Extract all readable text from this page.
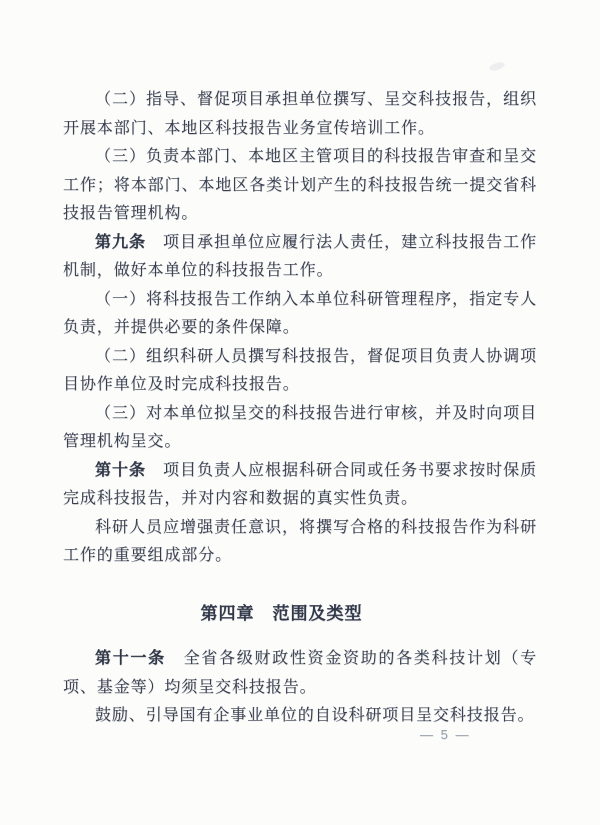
（二）指导、督促项目承担单位撰写、呈交科技报告，组织开展本部门、本地区科技报告业务宣传培训工作。

（三）负责本部门、本地区主管项目的科技报告审查和呈交工作；将本部门、本地区各类计划产生的科技报告统一提交省科技报告管理机构。

第九条　项目承担单位应履行法人责任，建立科技报告工作机制，做好本单位的科技报告工作。

（一）将科技报告工作纳入本单位科研管理程序，指定专人负责，并提供必要的条件保障。

（二）组织科研人员撰写科技报告，督促项目负责人协调项目协作单位及时完成科技报告。

（三）对本单位拟呈交的科技报告进行审核，并及时向项目管理机构呈交。

第十条　项目负责人应根据科研合同或任务书要求按时保质完成科技报告，并对内容和数据的真实性负责。

科研人员应增强责任意识，将撰写合格的科技报告作为科研工作的重要组成部分。

第四章　范围及类型

第十一条　全省各级财政性资金资助的各类科技计划（专项、基金等）均须呈交科技报告。

鼓励、引导国有企事业单位的自设科研项目呈交科技报告。

— 5 —
